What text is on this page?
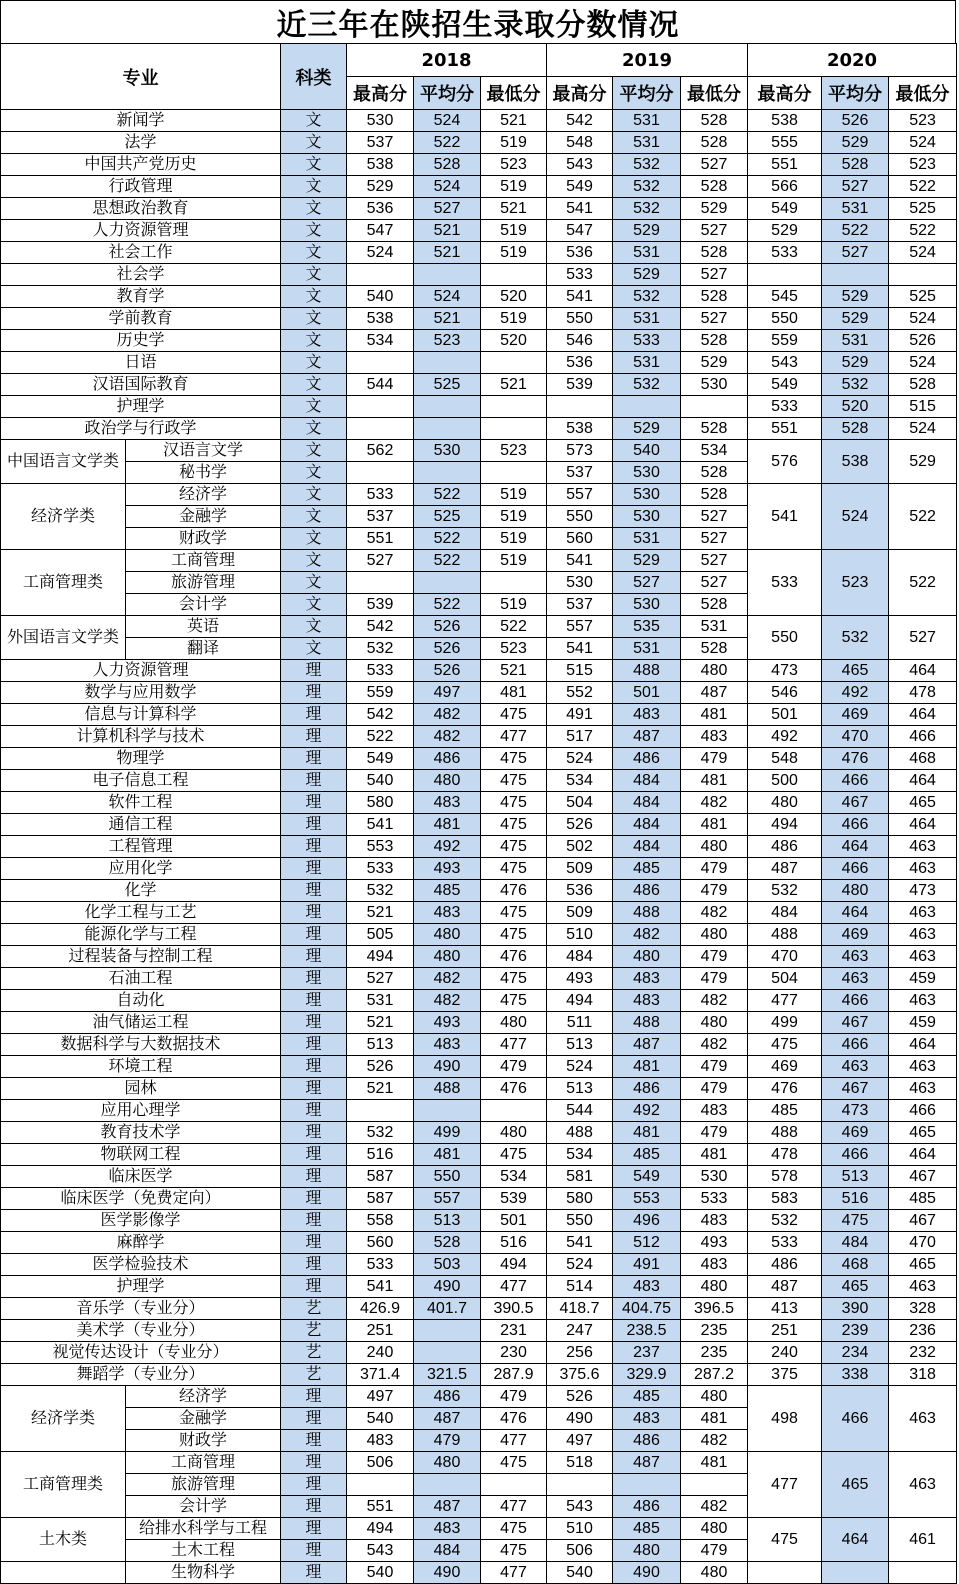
近三年在陕招生录取分数情况
专业		科类	2018			2019			2020		
			最高分	平均分	最低分	最高分	平均分	最低分	最高分	平均分	最低分
新闻学		文	530	524	521	542	531	528	538	526	523
法学		文	537	522	519	548	531	528	555	529	524
中国共产党历史		文	538	528	523	543	532	527	551	528	523
行政管理		文	529	524	519	549	532	528	566	527	522
思想政治教育		文	536	527	521	541	532	529	549	531	525
人力资源管理		文	547	521	519	547	529	527	529	522	522
社会工作		文	524	521	519	536	531	528	533	527	524
社会学		文				533	529	527			
教育学		文	540	524	520	541	532	528	545	529	525
学前教育		文	538	521	519	550	531	527	550	529	524
历史学		文	534	523	520	546	533	528	559	531	526
日语		文				536	531	529	543	529	524
汉语国际教育		文	544	525	521	539	532	530	549	532	528
护理学		文							533	520	515
政治学与行政学		文				538	529	528	551	528	524
中国语言文学类	汉语言文学	文	562	530	523	573	540	534	576	538	529
	秘书学	文				537	530	528			
经济学类	经济学	文	533	522	519	557	530	528	541	524	522
	金融学	文	537	525	519	550	530	527			
	财政学	文	551	522	519	560	531	527			
工商管理类	工商管理	文	527	522	519	541	529	527	533	523	522
	旅游管理	文				530	527	527			
	会计学	文	539	522	519	537	530	528			
外国语言文学类	英语	文	542	526	522	557	535	531	550	532	527
	翻译	文	532	526	523	541	531	528			
人力资源管理		理	533	526	521	515	488	480	473	465	464
数学与应用数学		理	559	497	481	552	501	487	546	492	478
信息与计算科学		理	542	482	475	491	483	481	501	469	464
计算机科学与技术		理	522	482	477	517	487	483	492	470	466
物理学		理	549	486	475	524	486	479	548	476	468
电子信息工程		理	540	480	475	534	484	481	500	466	464
软件工程		理	580	483	475	504	484	482	480	467	465
通信工程		理	541	481	475	526	484	481	494	466	464
工程管理		理	553	492	475	502	484	480	486	464	463
应用化学		理	533	493	475	509	485	479	487	466	463
化学		理	532	485	476	536	486	479	532	480	473
化学工程与工艺		理	521	483	475	509	488	482	484	464	463
能源化学与工程		理	505	480	475	510	482	480	488	469	463
过程装备与控制工程		理	494	480	476	484	480	479	470	463	463
石油工程		理	527	482	475	493	483	479	504	463	459
自动化		理	531	482	475	494	483	482	477	466	463
油气储运工程		理	521	493	480	511	488	480	499	467	459
数据科学与大数据技术		理	513	483	477	513	487	482	475	466	464
环境工程		理	526	490	479	524	481	479	469	463	463
园林		理	521	488	476	513	486	479	476	467	463
应用心理学		理				544	492	483	485	473	466
教育技术学		理	532	499	480	488	481	479	488	469	465
物联网工程		理	516	481	475	534	485	481	478	466	464
临床医学		理	587	550	534	581	549	530	578	513	467
临床医学（免费定向）		理	587	557	539	580	553	533	583	516	485
医学影像学		理	558	513	501	550	496	483	532	475	467
麻醉学		理	560	528	516	541	512	493	533	484	470
医学检验技术		理	533	503	494	524	491	483	486	468	465
护理学		理	541	490	477	514	483	480	487	465	463
音乐学（专业分）		艺	426.9	401.7	390.5	418.7	404.75	396.5	413	390	328
美术学（专业分）		艺	251		231	247	238.5	235	251	239	236
视觉传达设计（专业分）		艺	240		230	256	237	235	240	234	232
舞蹈学（专业分）		艺	371.4	321.5	287.9	375.6	329.9	287.2	375	338	318
经济学类	经济学	理	497	486	479	526	485	480	498	466	463
	金融学	理	540	487	476	490	483	481			
	财政学	理	483	479	477	497	486	482			
工商管理类	工商管理	理	506	480	475	518	487	481	477	465	463
	旅游管理	理									
	会计学	理	551	487	477	543	486	482			
土木类	给排水科学与工程	理	494	483	475	510	485	480	475	464	461
	土木工程	理	543	484	475	506	480	479			
	生物科学	理	540	490	477	540	490	480			
